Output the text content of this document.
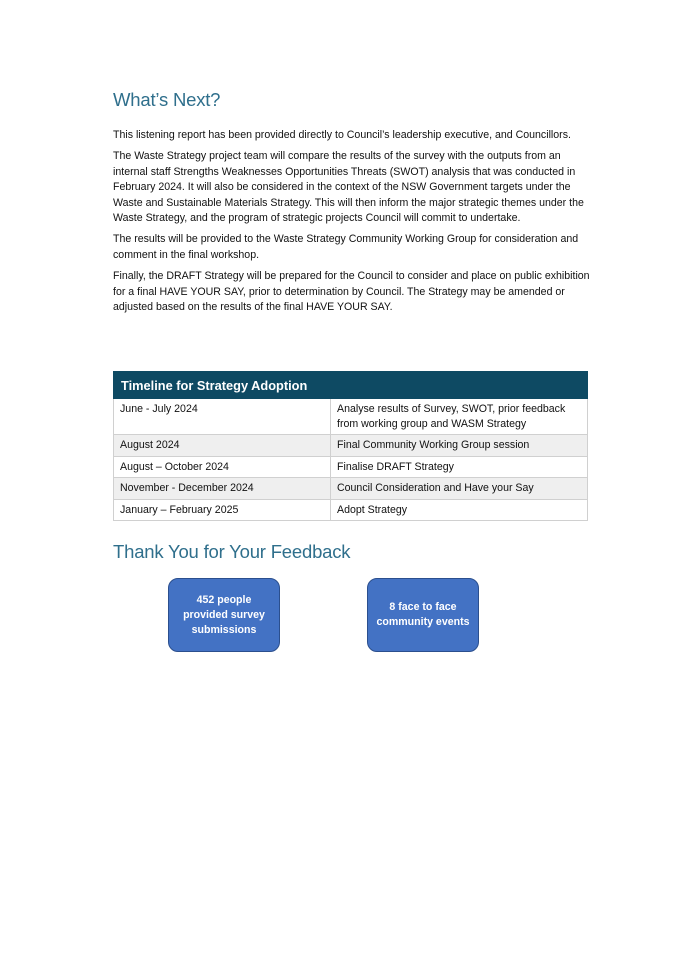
What’s Next?

This listening report has been provided directly to Council’s leadership executive, and Councillors.

The Waste Strategy project team will compare the results of the survey with the outputs from an internal staff Strengths Weaknesses Opportunities Threats (SWOT) analysis that was conducted in February 2024. It will also be considered in the context of the NSW Government targets under the Waste and Sustainable Materials Strategy. This will then inform the major strategic themes under the Waste Strategy, and the program of strategic projects Council will commit to undertake.

The results will be provided to the Waste Strategy Community Working Group for consideration and comment in the final workshop.

Finally, the DRAFT Strategy will be prepared for the Council to consider and place on public exhibition for a final HAVE YOUR SAY, prior to determination by Council. The Strategy may be amended or adjusted based on the results of the final HAVE YOUR SAY.

Timeline for Strategy Adoption	
June - July 2024	Analyse results of Survey, SWOT, prior feedback from working group and WASM Strategy
August 2024	Final Community Working Group session
August – October 2024	Finalise DRAFT Strategy
November - December 2024	Council Consideration and Have your Say
January – February 2025	Adopt Strategy
Thank You for Your Feedback
452 people provided survey submissions
8 face to face community events
